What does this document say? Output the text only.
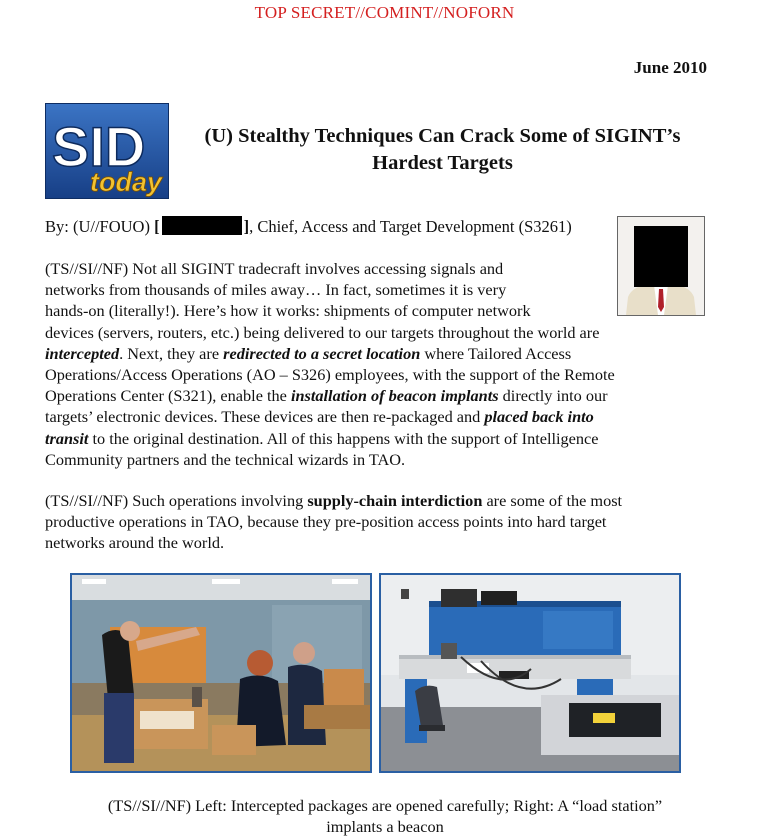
TOP SECRET//COMINT//NOFORN
June 2010
SID
today
(U) Stealthy Techniques Can Crack Some of SIGINT’s
Hardest Targets
By: (U//FOUO) [	], Chief, Access and Target Development (S3261)

(TS//SI//NF) Not all SIGINT tradecraft involves accessing signals and

networks from thousands of miles away… In fact, sometimes it is very

hands-on (literally!). Here’s how it works: shipments of computer network

devices (servers, routers, etc.) being delivered to our targets throughout the world are

intercepted. Next, they are redirected to a secret location where Tailored Access

Operations/Access Operations (AO – S326) employees, with the support of the Remote

Operations Center (S321), enable the installation of beacon implants directly into our

targets’ electronic devices. These devices are then re-packaged and placed back into

transit to the original destination. All of this happens with the support of Intelligence

Community partners and the technical wizards in TAO.

(TS//SI//NF) Such operations involving supply-chain interdiction are some of the most

productive operations in TAO, because they pre-position access points into hard target

networks around the world.

(TS//SI//NF) Left: Intercepted packages are opened carefully; Right: A “load station”
implants a beacon
